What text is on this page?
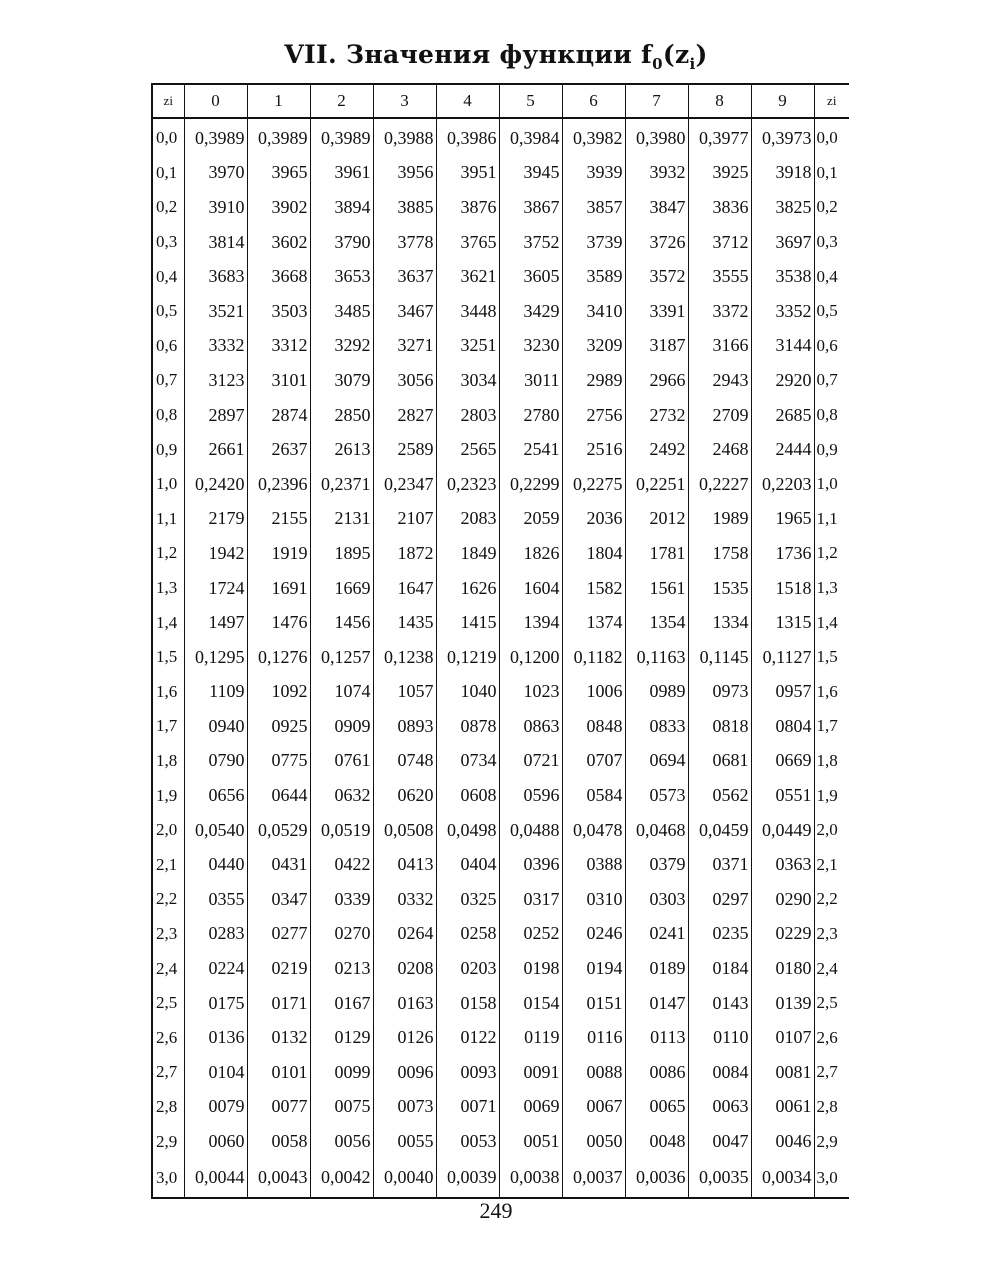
VII. Значения функции $f_0(z_i)$
zi	0	1	2	3	4	5	6	7	8	9	zi
0,0	0,3989	0,3989	0,3989	0,3988	0,3986	0,3984	0,3982	0,3980	0,3977	0,3973	0,0
0,1	3970	3965	3961	3956	3951	3945	3939	3932	3925	3918	0,1
0,2	3910	3902	3894	3885	3876	3867	3857	3847	3836	3825	0,2
0,3	3814	3602	3790	3778	3765	3752	3739	3726	3712	3697	0,3
0,4	3683	3668	3653	3637	3621	3605	3589	3572	3555	3538	0,4
0,5	3521	3503	3485	3467	3448	3429	3410	3391	3372	3352	0,5
0,6	3332	3312	3292	3271	3251	3230	3209	3187	3166	3144	0,6
0,7	3123	3101	3079	3056	3034	3011	2989	2966	2943	2920	0,7
0,8	2897	2874	2850	2827	2803	2780	2756	2732	2709	2685	0,8
0,9	2661	2637	2613	2589	2565	2541	2516	2492	2468	2444	0,9
1,0	0,2420	0,2396	0,2371	0,2347	0,2323	0,2299	0,2275	0,2251	0,2227	0,2203	1,0
1,1	2179	2155	2131	2107	2083	2059	2036	2012	1989	1965	1,1
1,2	1942	1919	1895	1872	1849	1826	1804	1781	1758	1736	1,2
1,3	1724	1691	1669	1647	1626	1604	1582	1561	1535	1518	1,3
1,4	1497	1476	1456	1435	1415	1394	1374	1354	1334	1315	1,4
1,5	0,1295	0,1276	0,1257	0,1238	0,1219	0,1200	0,1182	0,1163	0,1145	0,1127	1,5
1,6	1109	1092	1074	1057	1040	1023	1006	0989	0973	0957	1,6
1,7	0940	0925	0909	0893	0878	0863	0848	0833	0818	0804	1,7
1,8	0790	0775	0761	0748	0734	0721	0707	0694	0681	0669	1,8
1,9	0656	0644	0632	0620	0608	0596	0584	0573	0562	0551	1,9
2,0	0,0540	0,0529	0,0519	0,0508	0,0498	0,0488	0,0478	0,0468	0,0459	0,0449	2,0
2,1	0440	0431	0422	0413	0404	0396	0388	0379	0371	0363	2,1
2,2	0355	0347	0339	0332	0325	0317	0310	0303	0297	0290	2,2
2,3	0283	0277	0270	0264	0258	0252	0246	0241	0235	0229	2,3
2,4	0224	0219	0213	0208	0203	0198	0194	0189	0184	0180	2,4
2,5	0175	0171	0167	0163	0158	0154	0151	0147	0143	0139	2,5
2,6	0136	0132	0129	0126	0122	0119	0116	0113	0110	0107	2,6
2,7	0104	0101	0099	0096	0093	0091	0088	0086	0084	0081	2,7
2,8	0079	0077	0075	0073	0071	0069	0067	0065	0063	0061	2,8
2,9	0060	0058	0056	0055	0053	0051	0050	0048	0047	0046	2,9
3,0	0,0044	0,0043	0,0042	0,0040	0,0039	0,0038	0,0037	0,0036	0,0035	0,0034	3,0
249
